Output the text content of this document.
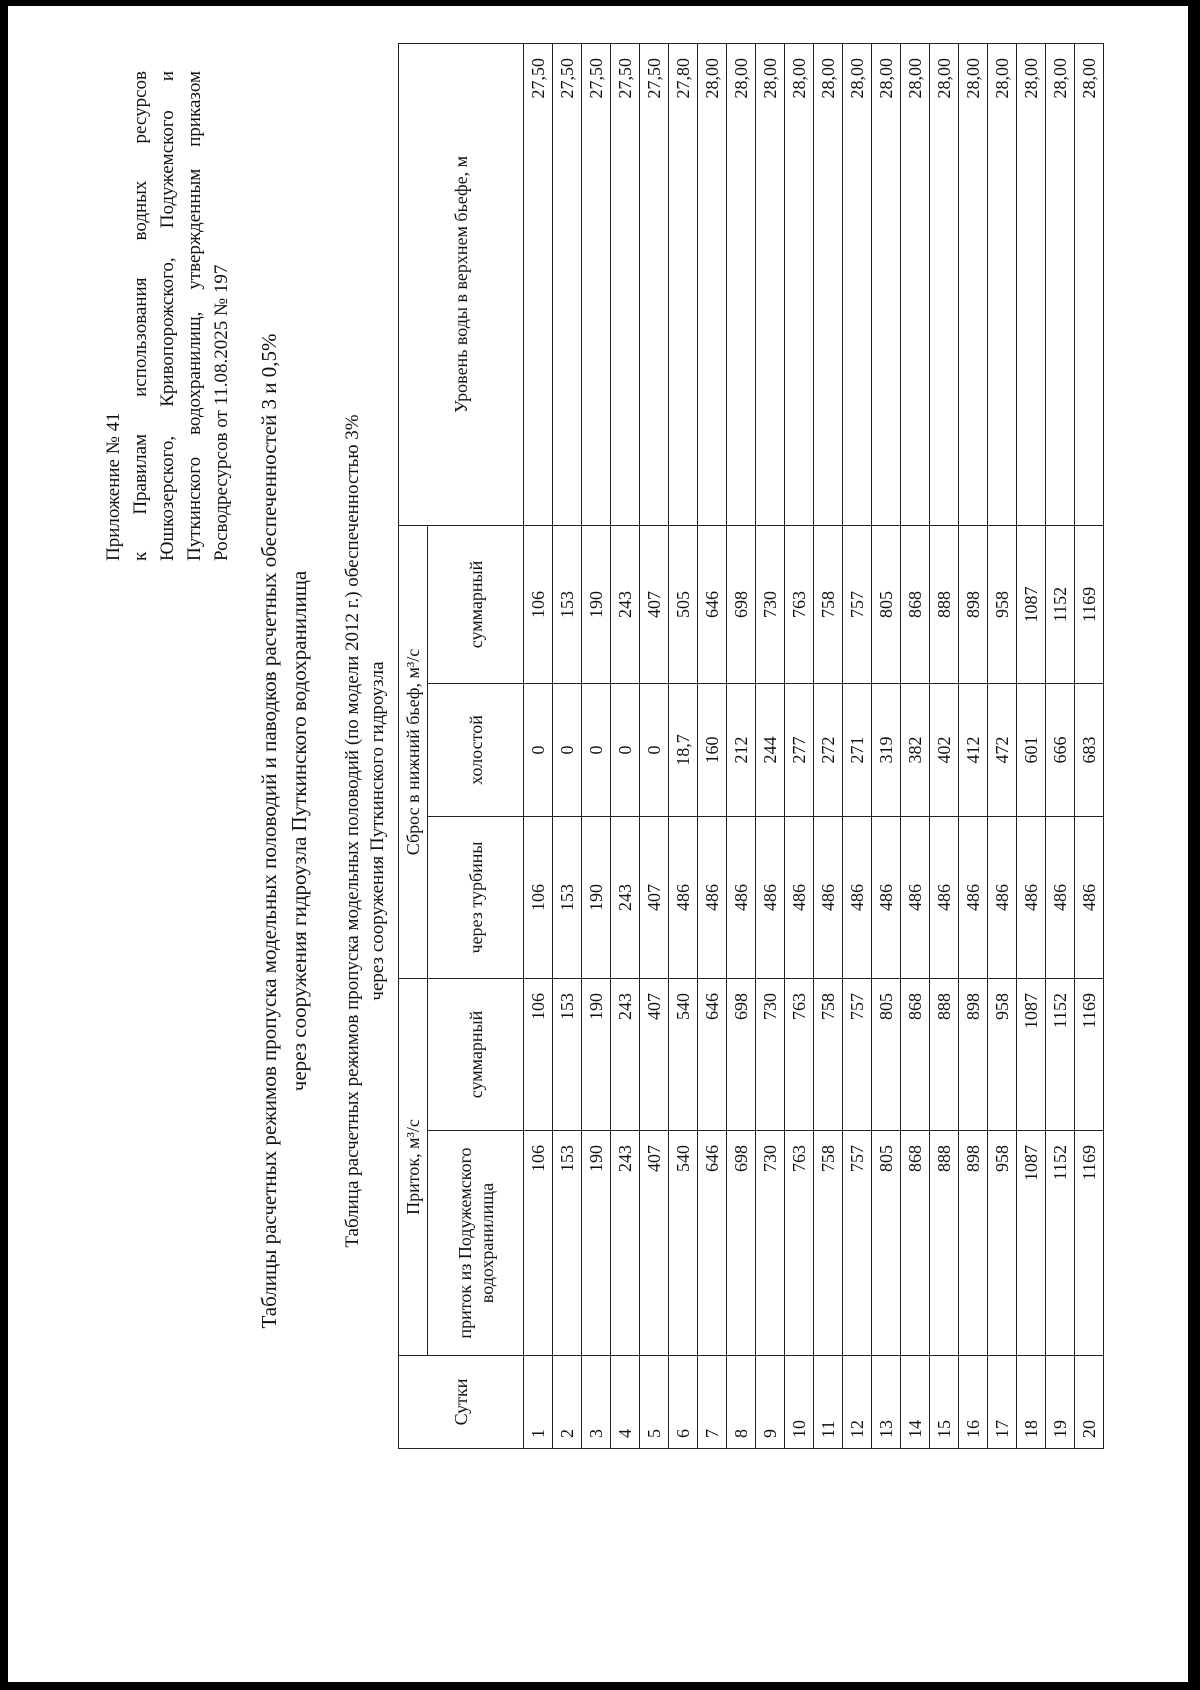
Приложение № 41 к Правилам использования водных ресурсов Юшкозерского, Кривопорожского, Подужемского и Путкинского водохранилищ, утвержденным приказом Росводресурсов от 11.08.2025 № 197 Таблицы расчетных режимов пропуска модельных половодий и паводков расчетных обеспеченностей 3 и 0,5% через сооружения гидроузла Путкинского водохранилища Таблица расчетных режимов пропуска модельных половодий (по модели 2012 г.) обеспеченностью 3% через сооружения Путкинского гидроузла
Сутки	Приток, м³/с		Сброс в нижний бьеф, м³/с			Уровень воды в верхнем бьефе, м
	приток из Подужемского водохранилища	суммарный	через турбины	холостой	суммарный	
1	106	106	106	0	106	27,50
2	153	153	153	0	153	27,50
3	190	190	190	0	190	27,50
4	243	243	243	0	243	27,50
5	407	407	407	0	407	27,50
6	540	540	486	18,7	505	27,80
7	646	646	486	160	646	28,00
8	698	698	486	212	698	28,00
9	730	730	486	244	730	28,00
10	763	763	486	277	763	28,00
11	758	758	486	272	758	28,00
12	757	757	486	271	757	28,00
13	805	805	486	319	805	28,00
14	868	868	486	382	868	28,00
15	888	888	486	402	888	28,00
16	898	898	486	412	898	28,00
17	958	958	486	472	958	28,00
18	1087	1087	486	601	1087	28,00
19	1152	1152	486	666	1152	28,00
20	1169	1169	486	683	1169	28,00
